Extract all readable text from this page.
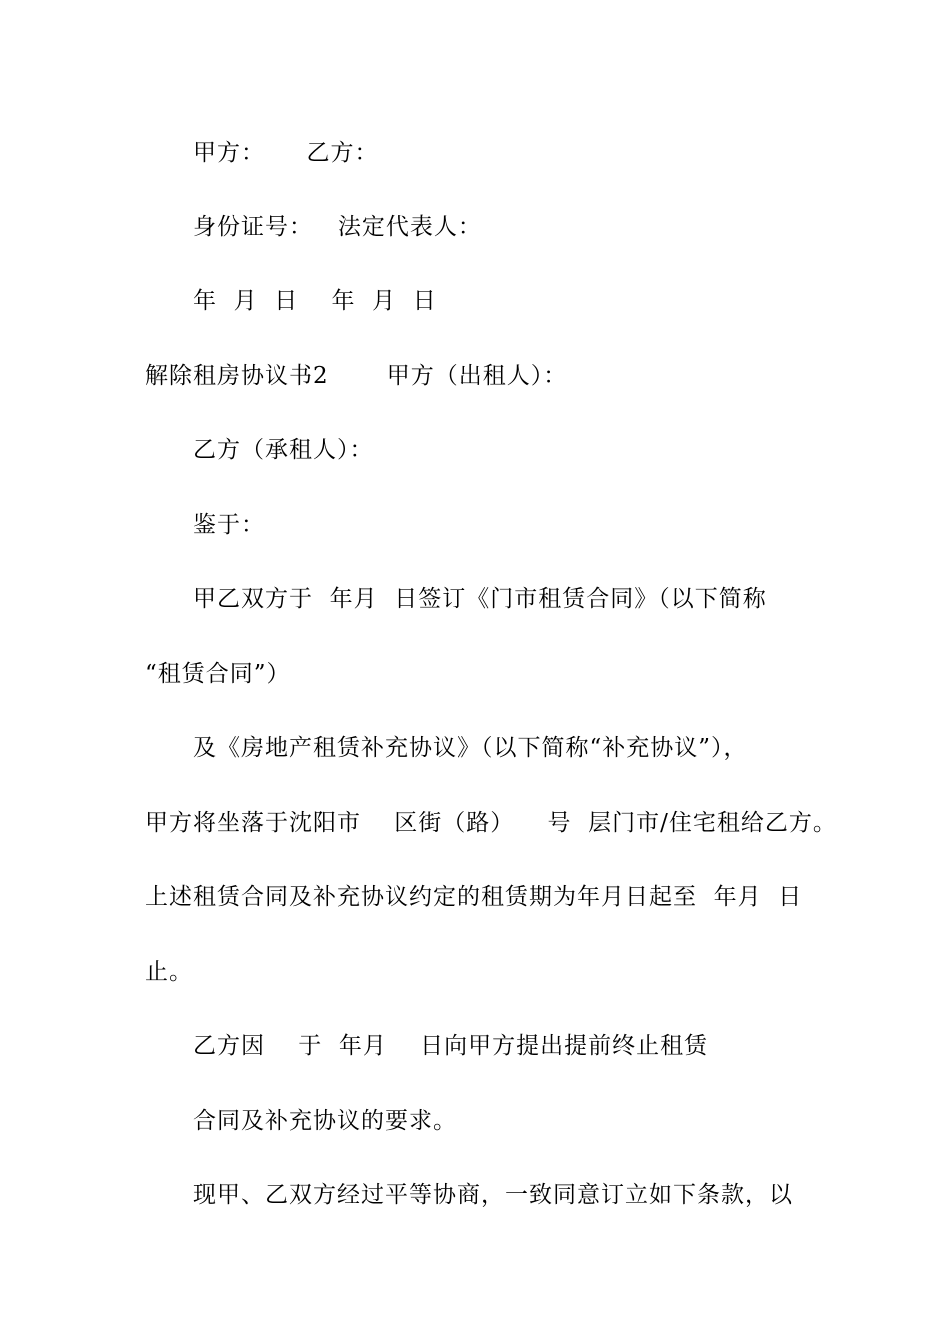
甲方：     乙方：
身份证号：   法定代表人：
年  月  日    年  月  日
解除租房协议书2       甲方（出租人）：
乙方（承租人）：
鉴于：
甲乙双方于  年月  日签订《门市租赁合同》（以下简称
“租赁合同”）
及《房地产租赁补充协议》（以下简称“补充协议”），
甲方将坐落于沈阳市    区街（路）    号  层门市/住宅租给乙方。
上述租赁合同及补充协议约定的租赁期为年月日起至  年月  日
止。
乙方因    于  年月    日向甲方提出提前终止租赁
合同及补充协议的要求。
现甲、乙双方经过平等协商，一致同意订立如下条款，以
